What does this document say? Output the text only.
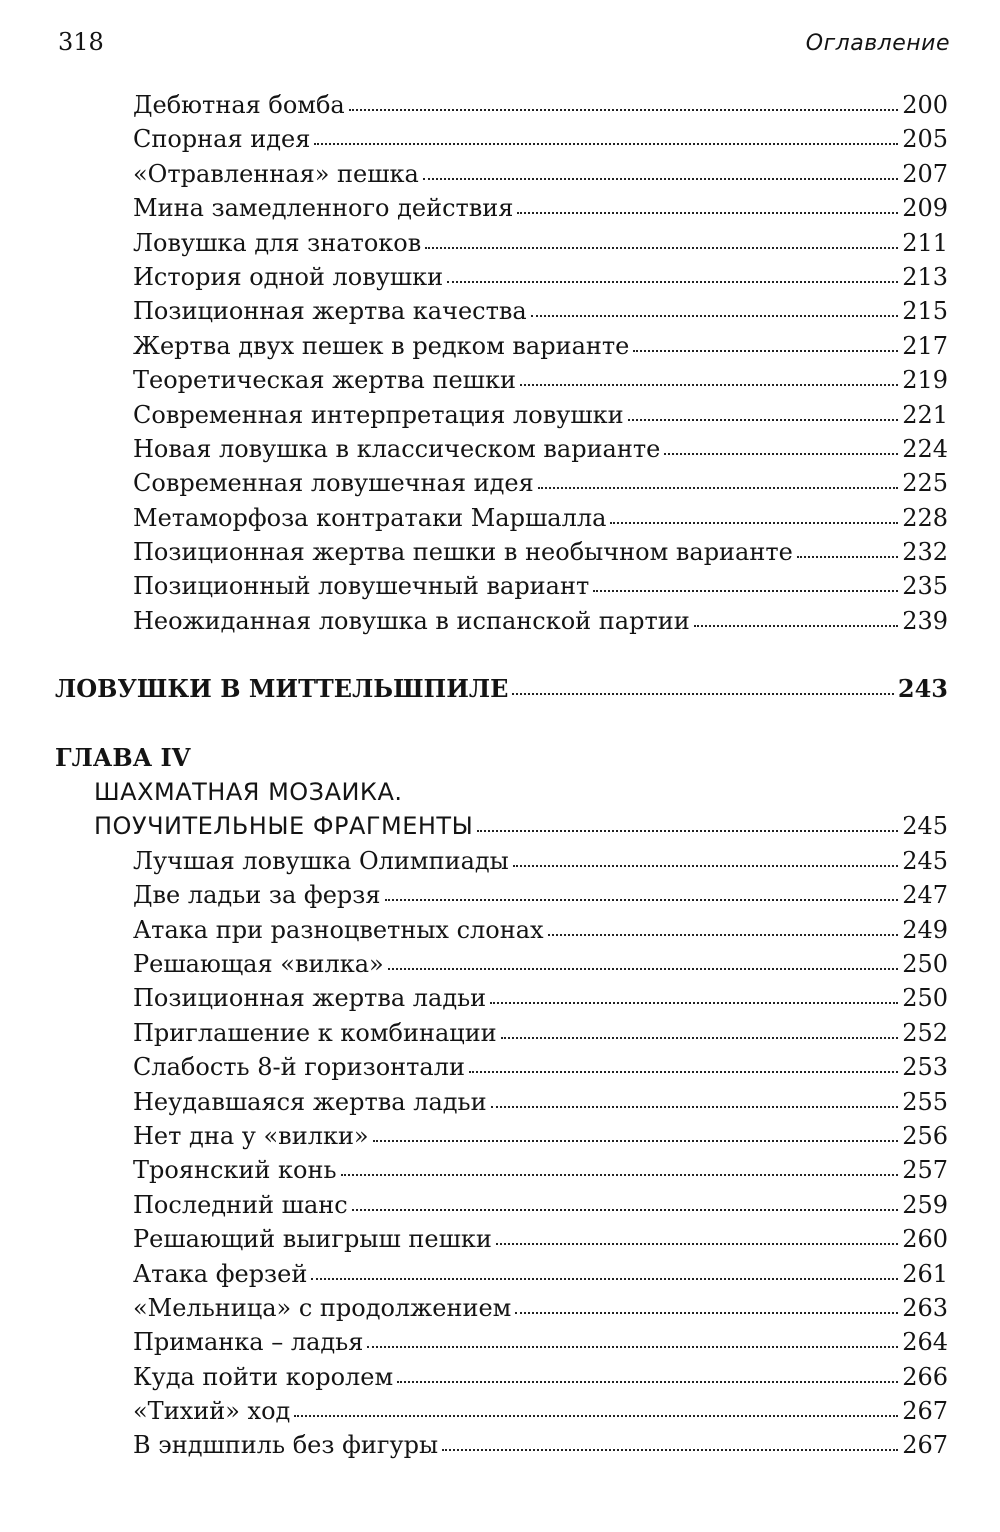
318	Оглавление
Дебютная бомба	200
Спорная идея	205
«Отравленная» пешка	207
Мина замедленного действия	209
Ловушка для знатоков	211
История одной ловушки	213
Позиционная жертва качества	215
Жертва двух пешек в редком варианте	217
Теоретическая жертва пешки	219
Современная интерпретация ловушки	221
Новая ловушка в классическом варианте	224
Современная ловушечная идея	225
Метаморфоза контратаки Маршалла	228
Позиционная жертва пешки в необычном варианте	232
Позиционный ловушечный вариант	235
Неожиданная ловушка в испанской партии	239
ЛОВУШКИ В МИТТЕЛЬШПИЛЕ	243
ГЛАВА IV
ШАХМАТНАЯ МОЗАИКА.
ПОУЧИТЕЛЬНЫЕ ФРАГМЕНТЫ	245
Лучшая ловушка Олимпиады	245
Две ладьи за ферзя	247
Атака при разноцветных слонах	249
Решающая «вилка»	250
Позиционная жертва ладьи	250
Приглашение к комбинации	252
Слабость 8-й горизонтали	253
Неудавшаяся жертва ладьи	255
Нет дна у «вилки»	256
Троянский конь	257
Последний шанс	259
Решающий выигрыш пешки	260
Атака ферзей	261
«Мельница» с продолжением	263
Приманка – ладья	264
Куда пойти королем	266
«Тихий» ход	267
В эндшпиль без фигуры	267
